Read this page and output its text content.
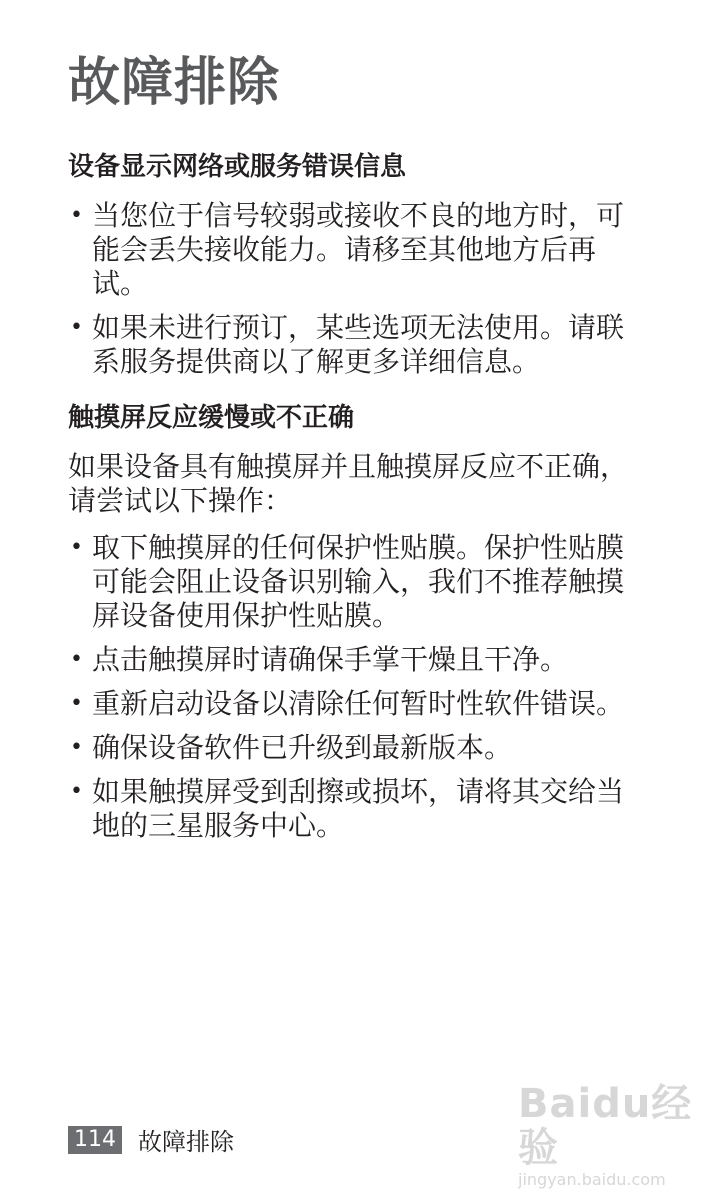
故障排除
设备显示网络或服务错误信息
• 当您位于信号较弱或接收不良的地方时，可能会丢失接收能力。请移至其他地方后再试。
• 如果未进行预订，某些选项无法使用。请联系服务提供商以了解更多详细信息。
触摸屏反应缓慢或不正确

如果设备具有触摸屏并且触摸屏反应不正确，请尝试以下操作：

• 取下触摸屏的任何保护性贴膜。保护性贴膜可能会阻止设备识别输入，我们不推荐触摸屏设备使用保护性贴膜。
• 点击触摸屏时请确保手掌干燥且干净。
• 重新启动设备以清除任何暂时性软件错误。
• 确保设备软件已升级到最新版本。
• 如果触摸屏受到刮擦或损坏，请将其交给当地的三星服务中心。
114 故障排除
Baidu经验
jingyan.baidu.com
